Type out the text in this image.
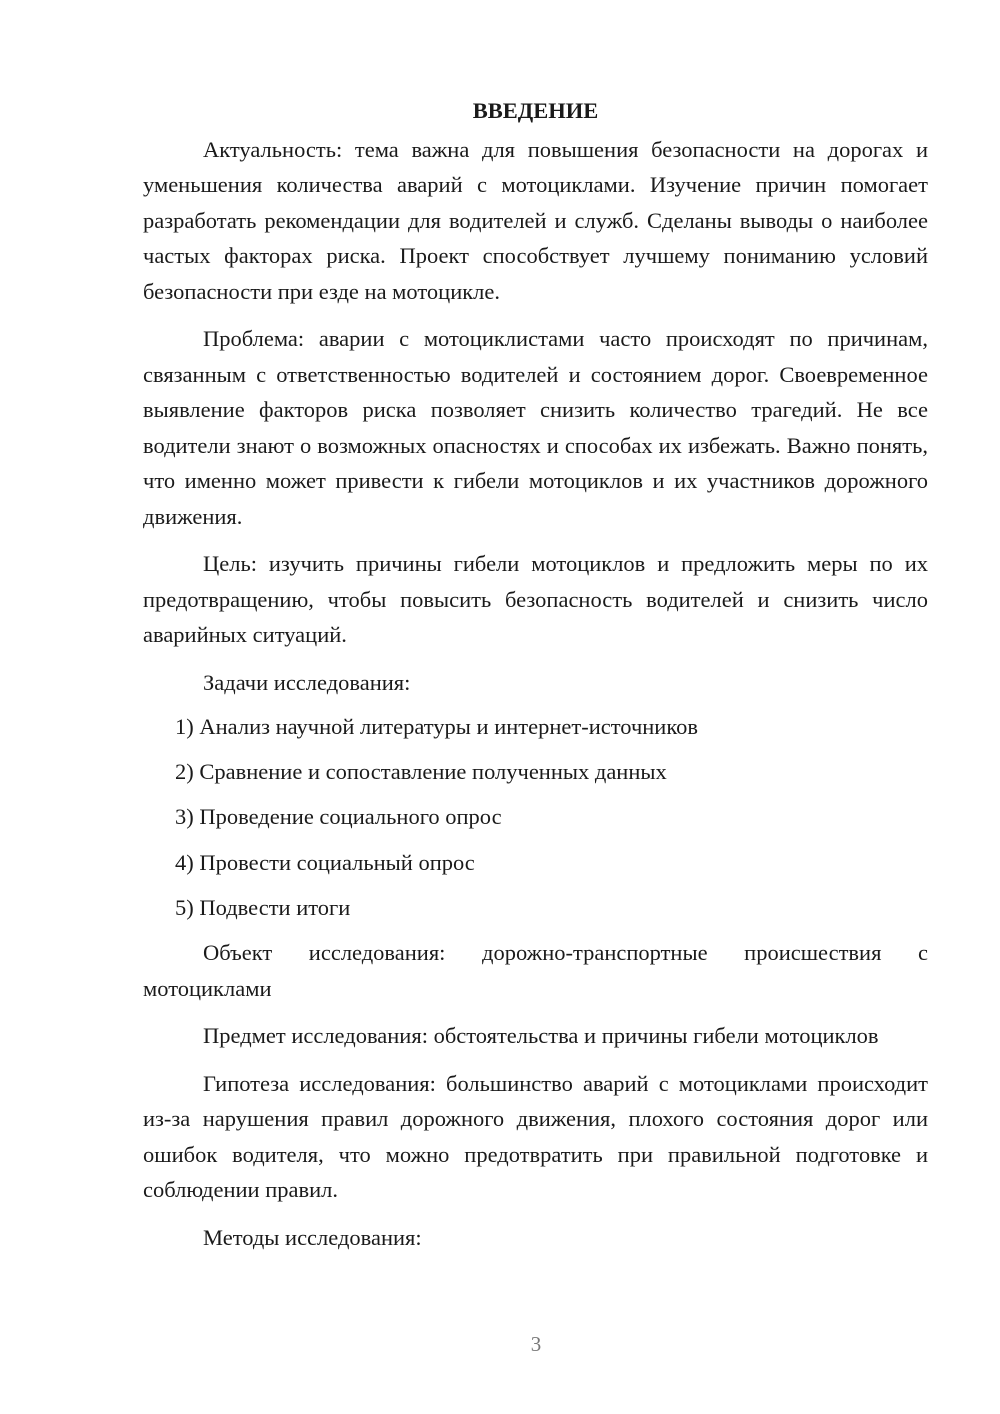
ВВЕДЕНИЕ

Актуальность: тема важна для повышения безопасности на дорогах и уменьшения количества аварий с мотоциклами. Изучение причин помогает разработать рекомендации для водителей и служб. Сделаны выводы о наиболее частых факторах риска. Проект способствует лучшему пониманию условий безопасности при езде на мотоцикле.

Проблема: аварии с мотоциклистами часто происходят по причинам, связанным с ответственностью водителей и состоянием дорог. Своевременное выявление факторов риска позволяет снизить количество трагедий. Не все водители знают о возможных опасностях и способах их избежать. Важно понять, что именно может привести к гибели мотоциклов и их участников дорожного движения.

Цель: изучить причины гибели мотоциклов и предложить меры по их предотвращению, чтобы повысить безопасность водителей и снизить число аварийных ситуаций.

Задачи исследования:

1) Анализ научной литературы и интернет-источников
2) Сравнение и сопоставление полученных данных
3) Проведение социального опрос
4) Провести социальный опрос
5) Подвести итоги

Объект исследования: дорожно-транспортные происшествия с мотоциклами

Предмет исследования: обстоятельства и причины гибели мотоциклов

Гипотеза исследования: большинство аварий с мотоциклами происходит из-за нарушения правил дорожного движения, плохого состояния дорог или ошибок водителя, что можно предотвратить при правильной подготовке и соблюдении правил.

Методы исследования:

3
